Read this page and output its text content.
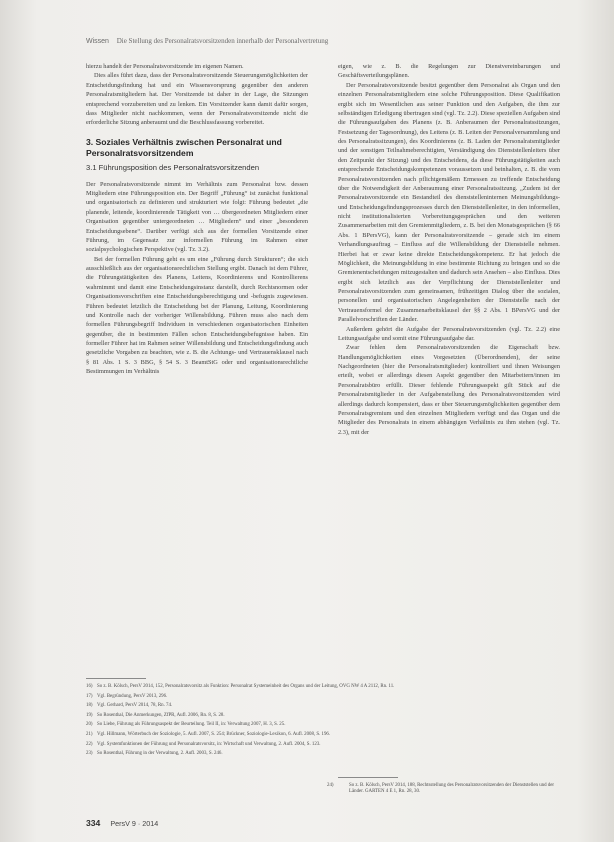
Wissen Die Stellung des Personalratsvorsitzenden innerhalb der Personalvertretung

hierzu handelt der Personalratsvorsitzende im eigenen Namen.

Dies alles führt dazu, dass der Personalratsvorsitzende Steuerungsmöglichkeiten der Entscheidungsfindung hat und ein Wissensvorsprung gegenüber den anderen Personalratsmitgliedern hat. Der Vorsitzende ist daher in der Lage, die Sitzungen entsprechend vorzubereiten und zu lenken. Ein Vorsitzender kann damit dafür sorgen, dass Mitglieder nicht nachkommen, wenn der Personalratsvorsitzende nicht die erforderliche Sitzung anberaumt und die Beschlussfassung vorbereitet.

3. Soziales Verhältnis zwischen Personalrat und Personalratsvorsitzendem
3.1 Führungsposition des Personalratsvorsitzenden

Der Personalratsvorsitzende nimmt im Verhältnis zum Personalrat bzw. dessen Mitgliedern eine Führungsposition ein. Der Begriff „Führung“ ist zunächst funktional und organisatorisch zu definieren und strukturiert wie folgt: Führung bedeutet „die planende, leitende, koordinierende Tätigkeit von … übergeordneten Mitgliedern einer Organisation gegenüber untergeordneten … Mitgliedern“ und einer „besonderen Entscheidungsebene“. Darüber verfügt sich aus der formellen Vorsitzende einer Führung, im Gegensatz zur informellen Führung im Rahmen einer sozialpsychologischen Perspektive (vgl. Tz. 3.2).

Bei der formellen Führung geht es um eine „Führung durch Strukturen“; die sich ausschließlich aus der organisationsrechtlichen Stellung ergibt. Danach ist dem Führer, die Führungstätigkeiten des Planens, Leitens, Koordinierens und Kontrollierens wahrnimmt und damit eine Entscheidungsinstanz darstellt, durch Rechtsnormen oder Organisationsvorschriften eine Entscheidungsberechtigung und -befugnis zugewiesen. Führen bedeutet letztlich die Entscheidung bei der Planung, Leitung, Koordinierung und Kontrolle nach der vorheriger Willensbildung. Führen muss also nach dem formellen Führungsbegriff Individuen in verschiedenen organisatorischen Einheiten gegenüber, die in bestimmten Fällen schon Entscheidungsbefugnisse haben. Ein formeller Führer hat im Rahmen seiner Willensbildung und Entscheidungsfindung auch gesetzliche Vorgaben zu beachten, wie z. B. die Achtungs- und Vertrauensklausel nach § 81 Abs. 1 S. 3 BBG, § 54 S. 3 BeamtStG oder und organisationsrechtliche Bestimmungen im Verhältnis

eigen, wie z. B. die Regelungen zur Dienstvereinbarungen und Geschäftsverteilungsplänen.

Der Personalratsvorsitzende besitzt gegenüber dem Personalrat als Organ und den einzelnen Personalratsmitgliedern eine solche Führungsposition. Diese Qualifikation ergibt sich im Wesentlichen aus seiner Funktion und den Aufgaben, die ihm zur selbständigen Erledigung übertragen sind (vgl. Tz. 2.2). Diese speziellen Aufgaben sind die Führungsaufgaben des Planens (z. B. Anberaumen der Personalratssitzungen, Festsetzung der Tagesordnung), des Leitens (z. B. Leiten der Personalversammlung und des Personalratssitzungen), des Koordinierens (z. B. Laden der Personalratsmitglieder und der sonstigen Teilnahmeberechtigten, Verständigung des Dienststellenleiters über den Zeitpunkt der Sitzung) und des Entscheidens, da diese Führungstätigkeiten auch entsprechende Entscheidungskompetenzen voraussetzen und beinhalten, z. B. die vom Personalratsvorsitzenden nach pflichtgemäßem Ermessen zu treffende Entscheidung über die Notwendigkeit der Anberaumung einer Personalratssitzung. „Zudem ist der Personalratsvorsitzende ein Bestandteil des dienststelleninternen Meinungsbildungs- und Entscheidungsfindungsprozesses durch den Dienststellenleiter, in den informellen, nicht institutionalisierten Vorbereitungsgesprächen und den weiteren Zusammenarbeiten mit den Gremienmitgliedern, z. B. bei den Monatsgesprächen (§ 66 Abs. 1 BPersVG), kann der Personalratsvorsitzende – gerade sich im einem Verhandlungsauftrag – Einfluss auf die Willensbildung der Dienststelle nehmen. Hierbei hat er zwar keine direkte Entscheidungskompetenz. Er hat jedoch die Möglichkeit, die Meinungsbildung in eine bestimmte Richtung zu bringen und so die Gremienentscheidungen mitzugestalten und dadurch sein Ansehen – also Einfluss. Dies ergibt sich letztlich aus der Verpflichtung der Dienststellenleiter und Personalratsvorsitzenden zum gemeinsamen, frühzeitigen Dialog über die sozialen, personellen und organisatorischen Angelegenheiten der Dienststelle nach der Vertrauensformel der Zusammenarbeitsklausel der §§ 2 Abs. 1 BPersVG und der Parallelvorschriften der Länder.

Außerdem gehört die Aufgabe der Personalratsvorsitzenden (vgl. Tz. 2.2) eine Leitungsaufgabe und somit eine Führungsaufgabe dar.

Zwar fehlen dem Personalratsvorsitzenden die Eigenschaft bzw. Handlungsmöglichkeiten eines Vorgesetzten (Überordnenden), der seine Nachgeordneten (hier die Personalratsmitglieder) kontrolliert und ihnen Weisungen erteilt, wobei er allerdings diesen Aspekt gegenüber den Mitarbeitern/innen im Personalratsbüro erfüllt. Dieser fehlende Führungsaspekt gilt Stück auf die Personalratsmitglieder in der Aufgabenstellung des Personalratsvorsitzenden wird allerdings dadurch kompensiert, dass er über Steuerungsmöglichkeiten gegenüber dem Personalratsgremium und den einzelnen Mitgliedern verfügt und das Organ und die Mitglieder des Personalrats in einem abhängigen Verhältnis zu ihm stehen (vgl. Tz. 2.3), mit der

16) So z. B. Kölsch, PersV 2014, 152, Personalratsvorsitz als Funktion: Personalrat Systemeinheit des Organs und der Leitung, OVG NW 4 A 2112, Rn. 11.
17) Vgl. Begründung, PersV 2013, 296.
18) Vgl. Gerhard, PersV 2014, 78, Rn. 74.
19) So Rosenthal, Die Anmerkungen, ZfPR, Aufl. 2006, Rn. 8, S. 28.
20) So Liebe, Führung als Führungsaspekt der Beurteilung. Teil II, in: Verwaltung 2007, H. 3, S. 25.
21) Vgl. Hillmann, Wörterbuch der Soziologie, 5. Aufl. 2007, S. 254; Brückner, Soziologie-Lexikon, 6. Aufl. 2008, S. 196.
22) Vgl. Systemfunktionen der Führung und Personalratsvorsitz, in: Wirtschaft und Verwaltung, 2. Aufl. 2004, S. 123.
23) So Rosenthal, Führung in der Verwaltung, 2. Aufl. 2003, S. 246.
24)	So z. B. Kölsch, PersV 2014, 188, Rechtsstellung des Personalratsvorsitzenden der Dienststellen und der Länder. GARTEN 4 E 1, Rn. 28, 30.
334 PersV 9 · 2014
